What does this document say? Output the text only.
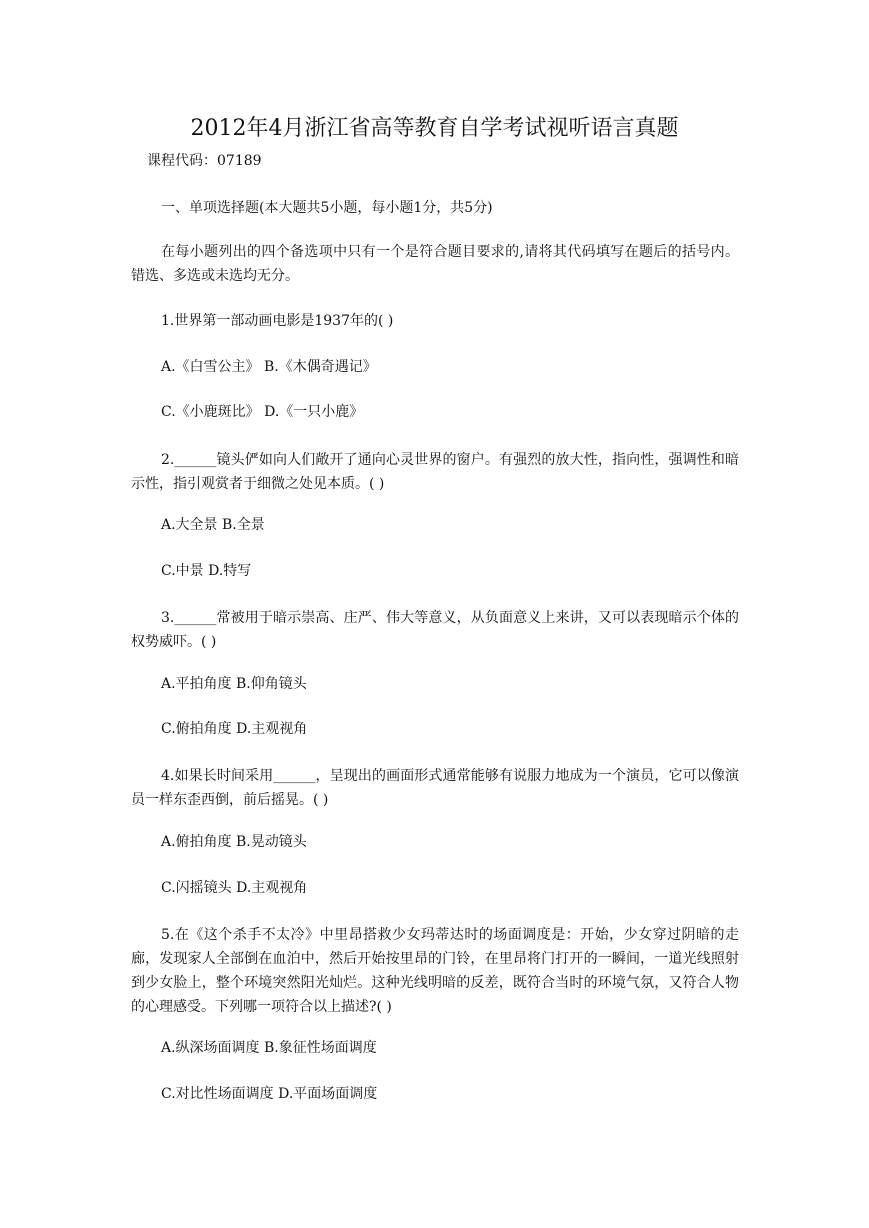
2012年4月浙江省高等教育自学考试视听语言真题

课程代码：07189

一、单项选择题(本大题共5小题，每小题1分，共5分)

在每小题列出的四个备选项中只有一个是符合题目要求的,请将其代码填写在题后的括号内。错选、多选或未选均无分。

1.世界第一部动画电影是1937年的( )

A.《白雪公主》 B.《木偶奇遇记》

C.《小鹿斑比》 D.《一只小鹿》

2.______镜头俨如向人们敞开了通向心灵世界的窗户。有强烈的放大性，指向性，强调性和暗示性，指引观赏者于细微之处见本质。( )

A.大全景 B.全景

C.中景 D.特写

3.______常被用于暗示崇高、庄严、伟大等意义，从负面意义上来讲，又可以表现暗示个体的权势威吓。( )

A.平拍角度 B.仰角镜头

C.俯拍角度 D.主观视角

4.如果长时间采用______，呈现出的画面形式通常能够有说服力地成为一个演员，它可以像演员一样东歪西倒，前后摇晃。( )

A.俯拍角度 B.晃动镜头

C.闪摇镜头 D.主观视角

5.在《这个杀手不太冷》中里昂搭救少女玛蒂达时的场面调度是：开始，少女穿过阴暗的走廊，发现家人全部倒在血泊中，然后开始按里昂的门铃，在里昂将门打开的一瞬间，一道光线照射到少女脸上，整个环境突然阳光灿烂。这种光线明暗的反差，既符合当时的环境气氛，又符合人物的心理感受。下列哪一项符合以上描述?( )

A.纵深场面调度 B.象征性场面调度

C.对比性场面调度 D.平面场面调度
